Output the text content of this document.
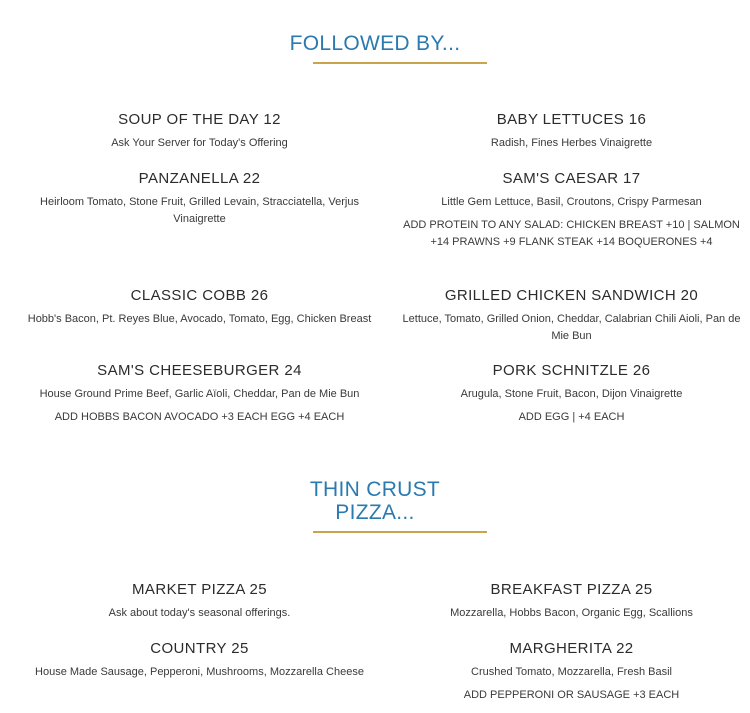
FOLLOWED BY...
SOUP OF THE DAY 12
Ask Your Server for Today's Offering
BABY LETTUCES 16
Radish, Fines Herbes Vinaigrette
PANZANELLA 22
Heirloom Tomato, Stone Fruit, Grilled Levain, Stracciatella, Verjus Vinaigrette
SAM'S CAESAR 17
Little Gem Lettuce, Basil, Croutons, Crispy Parmesan
ADD PROTEIN TO ANY SALAD: CHICKEN BREAST +10 | SALMON +14 PRAWNS +9 FLANK STEAK +14 BOQUERONES +4
CLASSIC COBB 26
Hobb's Bacon, Pt. Reyes Blue, Avocado, Tomato, Egg, Chicken Breast
GRILLED CHICKEN SANDWICH 20
Lettuce, Tomato, Grilled Onion, Cheddar, Calabrian Chili Aioli, Pan de Mie Bun
SAM'S CHEESEBURGER 24
House Ground Prime Beef, Garlic Aïoli, Cheddar, Pan de Mie Bun
ADD HOBBS BACON AVOCADO +3 EACH EGG +4 EACH
PORK SCHNITZLE 26
Arugula, Stone Fruit, Bacon, Dijon Vinaigrette
ADD EGG | +4 EACH
THIN CRUST
PIZZA...
MARKET PIZZA 25
Ask about today's seasonal offerings.
BREAKFAST PIZZA 25
Mozzarella, Hobbs Bacon, Organic Egg, Scallions
COUNTRY 25
House Made Sausage, Pepperoni, Mushrooms, Mozzarella Cheese
MARGHERITA 22
Crushed Tomato, Mozzarella, Fresh Basil
ADD PEPPERONI OR SAUSAGE +3 EACH
